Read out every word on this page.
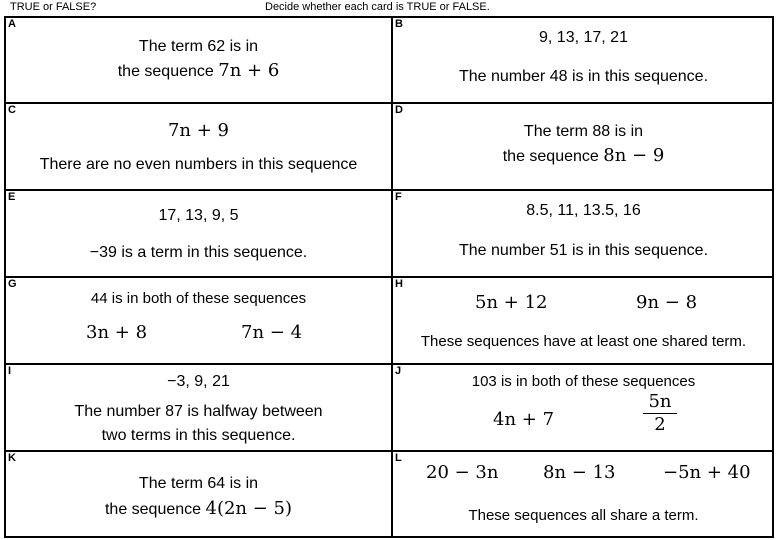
TRUE or FALSE?	Decide whether each card is TRUE or FALSE.
A
The term 62 is in
the sequence 7n + 6
B
9, 13, 17, 21
The number 48 is in this sequence.
C
7n + 9
There are no even numbers in this sequence
D
The term 88 is in
the sequence 8n − 9
E
17, 13, 9, 5
−39 is a term in this sequence.
F
8.5, 11, 13.5, 16
The number 51 is in this sequence.
G
44 is in both of these sequences
3n + 8	7n − 4
H
5n + 12	9n − 8
These sequences have at least one shared term.
I
−3, 9, 21
The number 87 is halfway between
two terms in this sequence.
J
103 is in both of these sequences
4n + 7	$\frac{5n}{2}$
K
The term 64 is in
the sequence 4(2n − 5)
L
20 − 3n 8n − 13	−5n + 40
These sequences all share a term.
